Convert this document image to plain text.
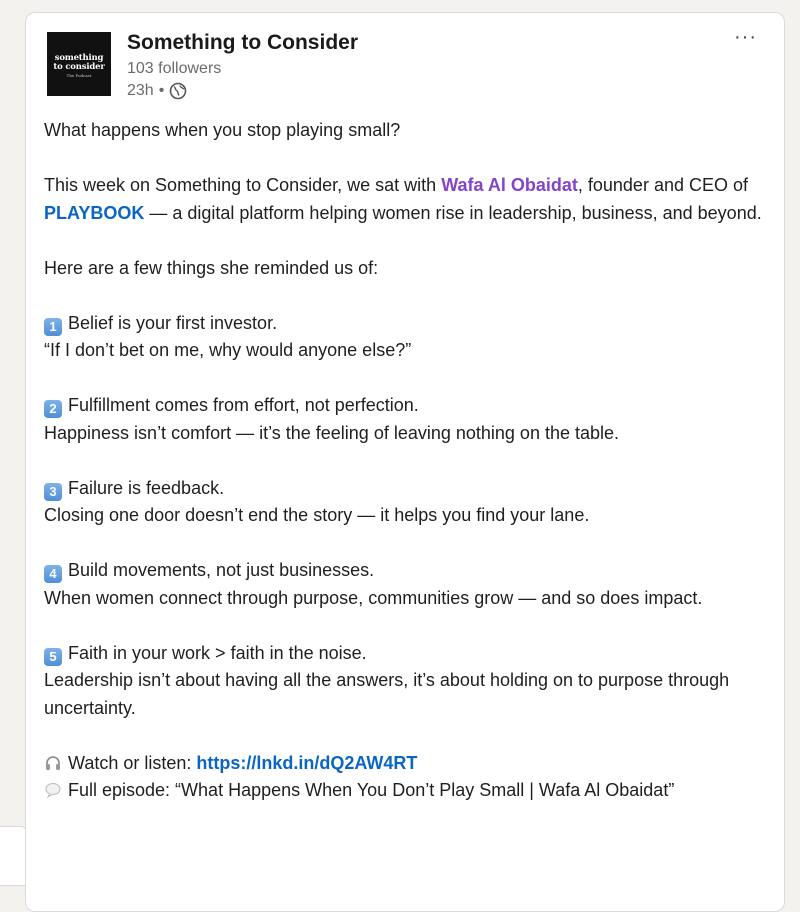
something
to consider
The Podcast
Something to Consider
103 followers
23h •
···

What happens when you stop playing small?

This week on Something to Consider, we sat with Wafa Al Obaidat, founder and CEO of PLAYBOOK — a digital platform helping women rise in leadership, business, and beyond.

Here are a few things she reminded us of:

1 Belief is your first investor.

“If I don’t bet on me, why would anyone else?”

2 Fulfillment comes from effort, not perfection.

Happiness isn’t comfort — it’s the feeling of leaving nothing on the table.

3 Failure is feedback.

Closing one door doesn’t end the story — it helps you find your lane.

4 Build movements, not just businesses.

When women connect through purpose, communities grow — and so does impact.

5 Faith in your work > faith in the noise.

Leadership isn’t about having all the answers, it’s about holding on to purpose through uncertainty.

Watch or listen: https://lnkd.in/dQ2AW4RT

Full episode: “What Happens When You Don’t Play Small | Wafa Al Obaidat”
